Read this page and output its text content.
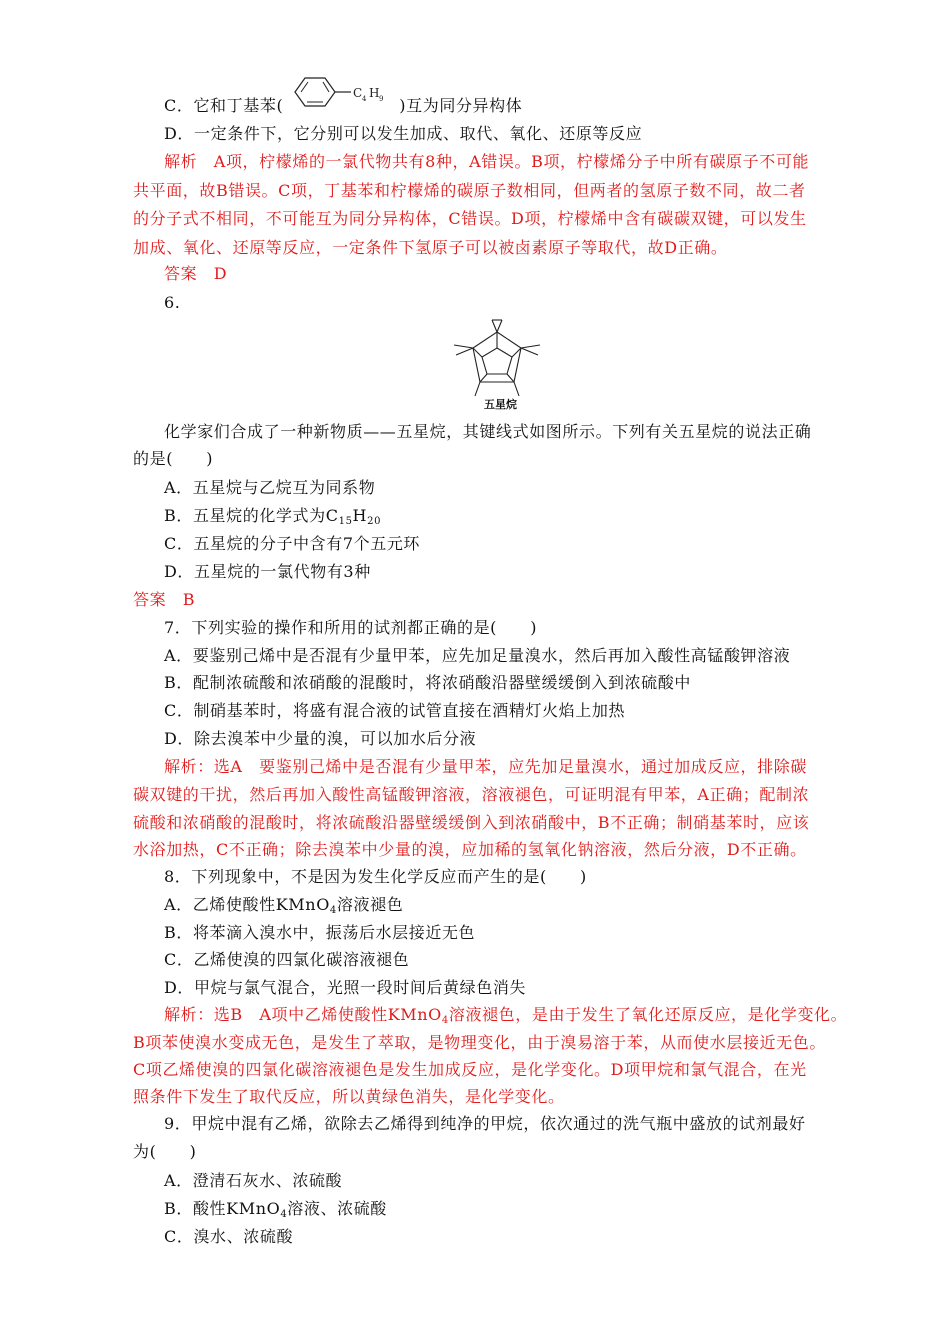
C．它和丁基苯(	)互为同分异构体
C 4 H 9
D．一定条件下，它分别可以发生加成、取代、氧化、还原等反应
解析　A项，柠檬烯的一氯代物共有8种，A错误。B项，柠檬烯分子中所有碳原子不可能
共平面，故B错误。C项，丁基苯和柠檬烯的碳原子数相同，但两者的氢原子数不同，故二者
的分子式不相同，不可能互为同分异构体，C错误。D项，柠檬烯中含有碳碳双键，可以发生
加成、氧化、还原等反应，一定条件下氢原子可以被卤素原子等取代，故D正确。
答案　D
6.
五星烷
化学家们合成了一种新物质——五星烷，其键线式如图所示。下列有关五星烷的说法正确
的是(　　)
A．五星烷与乙烷互为同系物
B．五星烷的化学式为$C_{15}H_{20}$
C．五星烷的分子中含有7个五元环
D．五星烷的一氯代物有3种
答案　B
7．下列实验的操作和所用的试剂都正确的是(　　)
A．要鉴别己烯中是否混有少量甲苯，应先加足量溴水，然后再加入酸性高锰酸钾溶液
B．配制浓硫酸和浓硝酸的混酸时，将浓硝酸沿器壁缓缓倒入到浓硫酸中
C．制硝基苯时，将盛有混合液的试管直接在酒精灯火焰上加热
D．除去溴苯中少量的溴，可以加水后分液
解析：选A　要鉴别己烯中是否混有少量甲苯，应先加足量溴水，通过加成反应，排除碳
碳双键的干扰，然后再加入酸性高锰酸钾溶液，溶液褪色，可证明混有甲苯，A正确；配制浓
硫酸和浓硝酸的混酸时，将浓硫酸沿器壁缓缓倒入到浓硝酸中，B不正确；制硝基苯时，应该
水浴加热，C不正确；除去溴苯中少量的溴，应加稀的氢氧化钠溶液，然后分液，D不正确。
8．下列现象中，不是因为发生化学反应而产生的是(　　)
A．乙烯使酸性KMnO$_4$溶液褪色
B．将苯滴入溴水中，振荡后水层接近无色
C．乙烯使溴的四氯化碳溶液褪色
D．甲烷与氯气混合，光照一段时间后黄绿色消失
解析：选B　A项中乙烯使酸性KMnO$_4$溶液褪色，是由于发生了氧化还原反应，是化学变化。
B项苯使溴水变成无色，是发生了萃取，是物理变化，由于溴易溶于苯，从而使水层接近无色。
C项乙烯使溴的四氯化碳溶液褪色是发生加成反应，是化学变化。D项甲烷和氯气混合，在光
照条件下发生了取代反应，所以黄绿色消失，是化学变化。
9．甲烷中混有乙烯，欲除去乙烯得到纯净的甲烷，依次通过的洗气瓶中盛放的试剂最好
为(　　)
A．澄清石灰水、浓硫酸
B．酸性KMnO$_4$溶液、浓硫酸
C．溴水、浓硫酸
